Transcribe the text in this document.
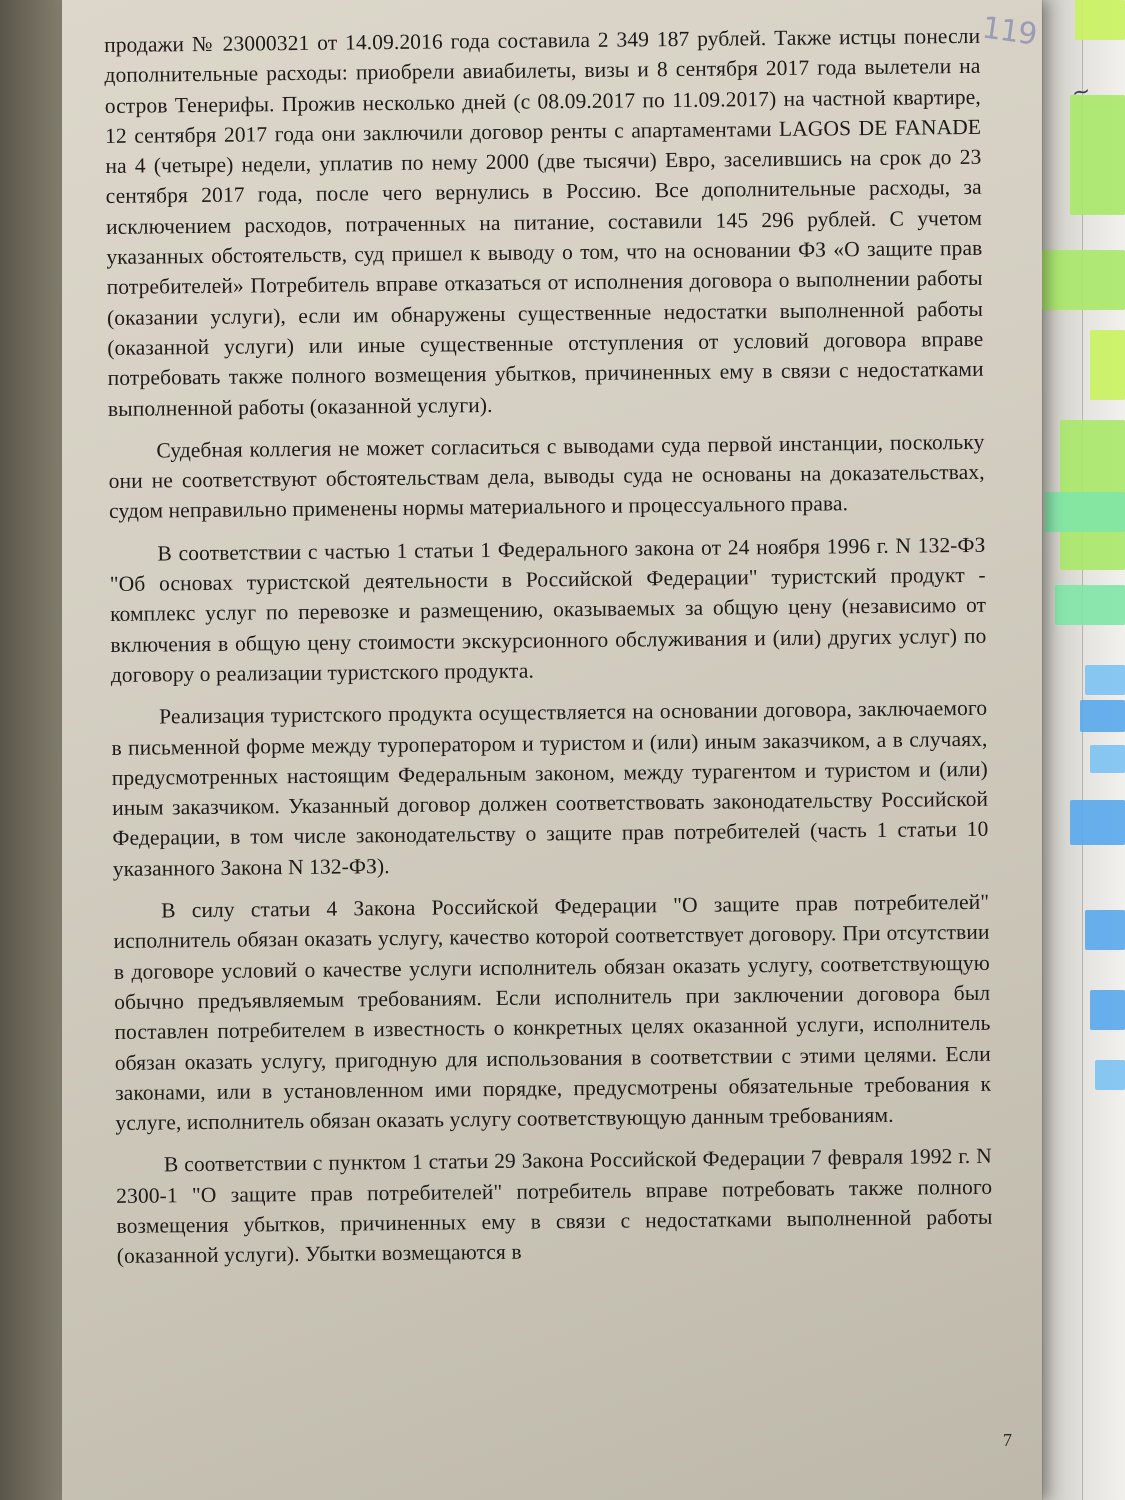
~
119

продажи № 23000321 от 14.09.2016 года составила 2 349 187 рублей. Также истцы понесли дополнительные расходы: приобрели авиабилеты, визы и 8 сентября 2017 года вылетели на остров Тенерифы. Прожив несколько дней (с 08.09.2017 по 11.09.2017) на частной квартире, 12 сентября 2017 года они заключили договор ренты с апартаментами LAGOS DE FANADE на 4 (четыре) недели, уплатив по нему 2000 (две тысячи) Евро, заселившись на срок до 23 сентября 2017 года, после чего вернулись в Россию. Все дополнительные расходы, за исключением расходов, потраченных на питание, составили 145 296 рублей. С учетом указанных обстоятельств, суд пришел к выводу о том, что на основании ФЗ «О защите прав потребителей» Потребитель вправе отказаться от исполнения договора о выполнении работы (оказании услуги), если им обнаружены существенные недостатки выполненной работы (оказанной услуги) или иные существенные отступления от условий договора вправе потребовать также полного возмещения убытков, причиненных ему в связи с недостатками выполненной работы (оказанной услуги).

Судебная коллегия не может согласиться с выводами суда первой инстанции, поскольку они не соответствуют обстоятельствам дела, выводы суда не основаны на доказательствах, судом неправильно применены нормы материального и процессуального права.

В соответствии с частью 1 статьи 1 Федерального закона от 24 ноября 1996 г. N 132-ФЗ "Об основах туристской деятельности в Российской Федерации" туристский продукт - комплекс услуг по перевозке и размещению, оказываемых за общую цену (независимо от включения в общую цену стоимости экскурсионного обслуживания и (или) других услуг) по договору о реализации туристского продукта.

Реализация туристского продукта осуществляется на основании договора, заключаемого в письменной форме между туроператором и туристом и (или) иным заказчиком, а в случаях, предусмотренных настоящим Федеральным законом, между турагентом и туристом и (или) иным заказчиком. Указанный договор должен соответствовать законодательству Российской Федерации, в том числе законодательству о защите прав потребителей (часть 1 статьи 10 указанного Закона N 132-ФЗ).

В силу статьи 4 Закона Российской Федерации "О защите прав потребителей" исполнитель обязан оказать услугу, качество которой соответствует договору. При отсутствии в договоре условий о качестве услуги исполнитель обязан оказать услугу, соответствующую обычно предъявляемым требованиям. Если исполнитель при заключении договора был поставлен потребителем в известность о конкретных целях оказанной услуги, исполнитель обязан оказать услугу, пригодную для использования в соответствии с этими целями. Если законами, или в установленном ими порядке, предусмотрены обязательные требования к услуге, исполнитель обязан оказать услугу соответствующую данным требованиям.

В соответствии с пунктом 1 статьи 29 Закона Российской Федерации 7 февраля 1992 г. N 2300-1 "О защите прав потребителей" потребитель вправе потребовать также полного возмещения убытков, причиненных ему в связи с недостатками выполненной работы (оказанной услуги). Убытки возмещаются в

7
